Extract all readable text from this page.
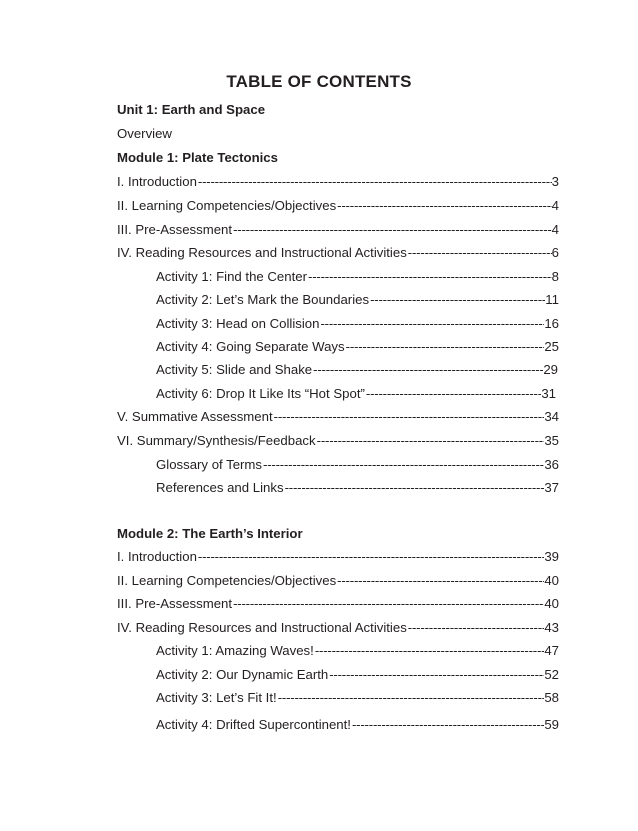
TABLE OF CONTENTS
Unit 1: Earth and Space
Overview
Module 1: Plate Tectonics
I. Introduction -----	3
II. Learning Competencies/Objectives -----	4
III. Pre-Assessment -----	4
IV. Reading Resources and Instructional Activities -----	6
Activity 1: Find the Center -----	8
Activity 2: Let’s Mark the Boundaries -----	11
Activity 3: Head on Collision -----	16
Activity 4: Going Separate Ways -----	25
Activity 5: Slide and Shake -----	29
Activity 6: Drop It Like Its “Hot Spot” -----	31
V. Summative Assessment -----	34
VI. Summary/Synthesis/Feedback -----	35
Glossary of Terms -----	36
References and Links -----	37
Module 2: The Earth’s Interior
I. Introduction -----	39
II. Learning Competencies/Objectives -----	40
III. Pre-Assessment -----	40
IV. Reading Resources and Instructional Activities -----	43
Activity 1: Amazing Waves! -----	47
Activity 2: Our Dynamic Earth -----	52
Activity 3: Let’s Fit It! -----	58
Activity 4: Drifted Supercontinent! -----	59
